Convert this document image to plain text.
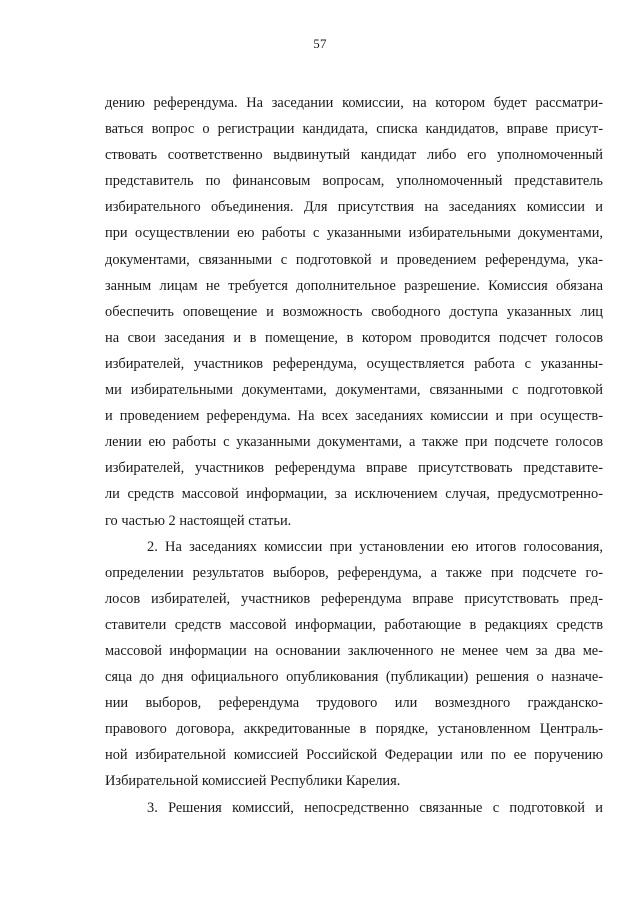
57
дению референдума. На заседании комиссии, на котором будет рассматри-
ваться вопрос о регистрации кандидата, списка кандидатов, вправе присут-
ствовать соответственно выдвинутый кандидат либо его уполномоченный
представитель по финансовым вопросам, уполномоченный представитель
избирательного объединения. Для присутствия на заседаниях комиссии и
при осуществлении ею работы с указанными избирательными документами,
документами, связанными с подготовкой и проведением референдума, ука-
занным лицам не требуется дополнительное разрешение. Комиссия обязана
обеспечить оповещение и возможность свободного доступа указанных лиц
на свои заседания и в помещение, в котором проводится подсчет голосов
избирателей, участников референдума, осуществляется работа с указанны-
ми избирательными документами, документами, связанными с подготовкой
и проведением референдума. На всех заседаниях комиссии и при осуществ-
лении ею работы с указанными документами, а также при подсчете голосов
избирателей, участников референдума вправе присутствовать представите-
ли средств массовой информации, за исключением случая, предусмотренно-
го частью 2 настоящей статьи.
2. На заседаниях комиссии при установлении ею итогов голосования,
определении результатов выборов, референдума, а также при подсчете го-
лосов избирателей, участников референдума вправе присутствовать пред-
ставители средств массовой информации, работающие в редакциях средств
массовой информации на основании заключенного не менее чем за два ме-
сяца до дня официального опубликования (публикации) решения о назначе-
нии выборов, референдума трудового или возмездного гражданско-
правового договора, аккредитованные в порядке, установленном Централь-
ной избирательной комиссией Российской Федерации или по ее поручению
Избирательной комиссией Республики Карелия.
3. Решения комиссий, непосредственно связанные с подготовкой и
